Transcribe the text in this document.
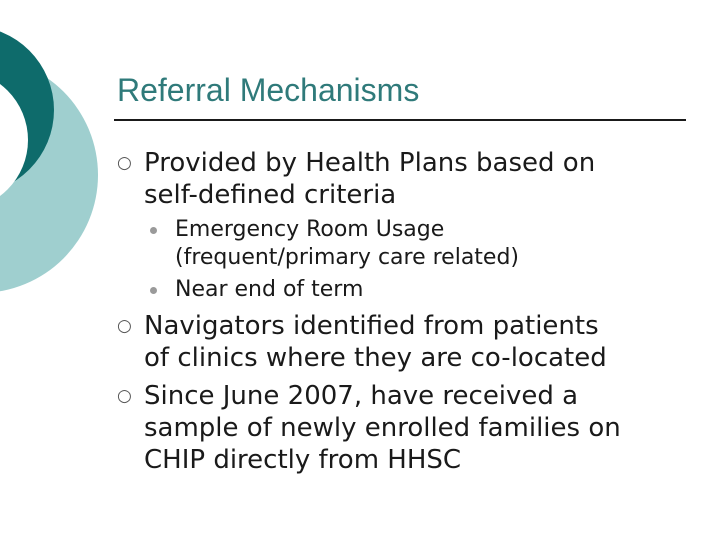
Referral Mechanisms
○ Provided by Health Plans based on
self-defined criteria
Emergency Room Usage
(frequent/primary care related)
Near end of term
○ Navigators identified from patients
of clinics where they are co-located
○ Since June 2007, have received a
sample of newly enrolled families on
CHIP directly from HHSC
